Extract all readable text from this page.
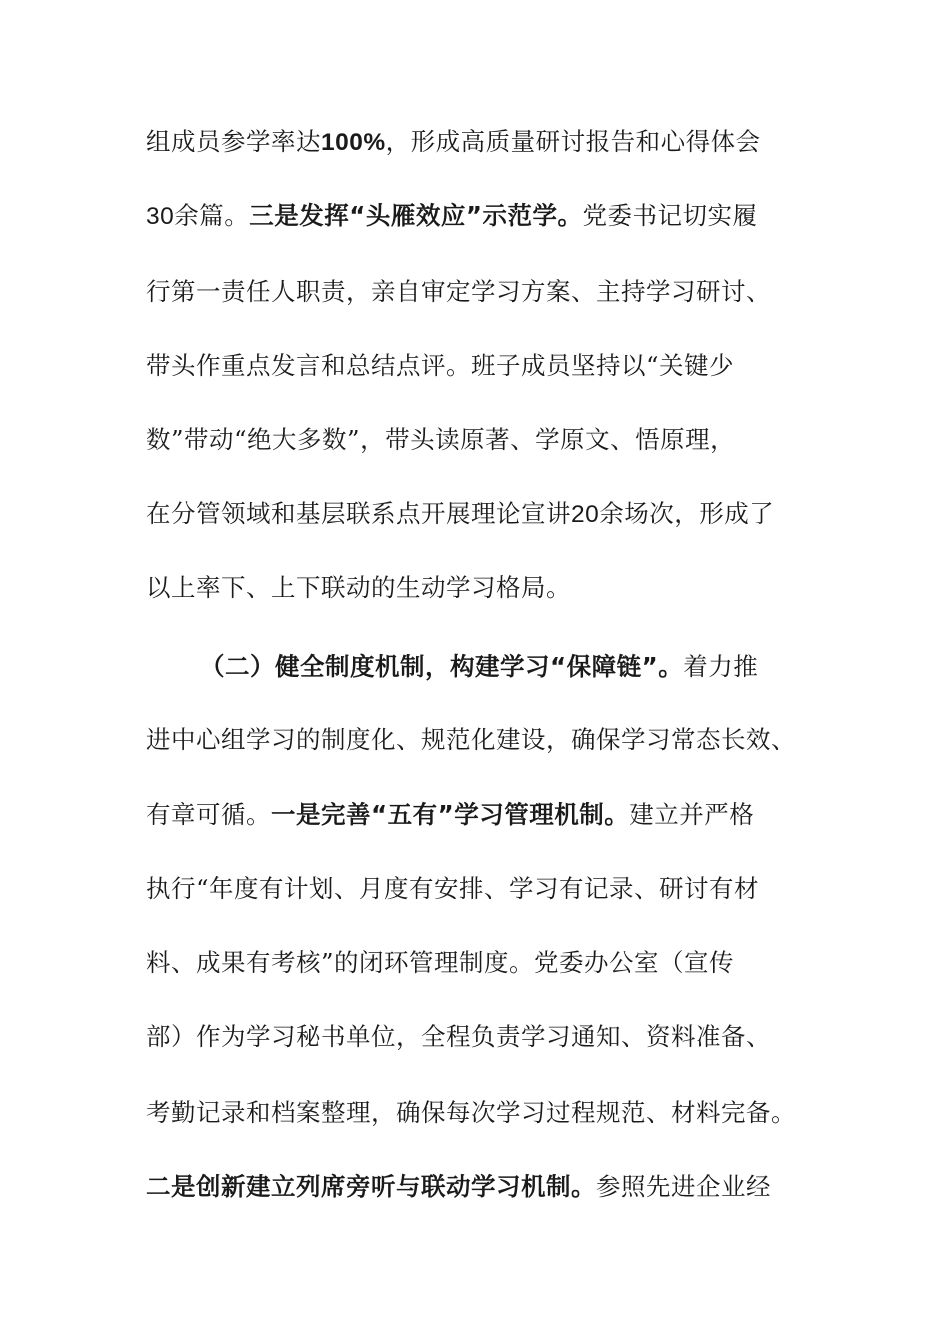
组成员参学率达100%，形成高质量研讨报告和心得体会
30余篇。三是发挥“头雁效应”示范学。党委书记切实履
行第一责任人职责，亲自审定学习方案、主持学习研讨、
带头作重点发言和总结点评。班子成员坚持以“关键少
数”带动“绝大多数”，带头读原著、学原文、悟原理，
在分管领域和基层联系点开展理论宣讲20余场次，形成了
以上率下、上下联动的生动学习格局。
（二）健全制度机制，构建学习“保障链”。着力推
进中心组学习的制度化、规范化建设，确保学习常态长效、
有章可循。一是完善“五有”学习管理机制。建立并严格
执行“年度有计划、月度有安排、学习有记录、研讨有材
料、成果有考核”的闭环管理制度。党委办公室（宣传
部）作为学习秘书单位，全程负责学习通知、资料准备、
考勤记录和档案整理，确保每次学习过程规范、材料完备。
二是创新建立列席旁听与联动学习机制。参照先进企业经
